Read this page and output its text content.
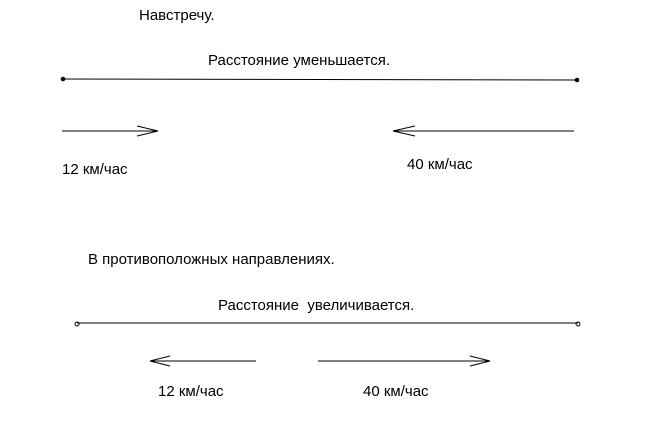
Навстречу.
Расстояние уменьшается.
12 км/час	40 км/час
В противоположных направлениях.
Расстояние  увеличивается.
12 км/час	40 км/час
